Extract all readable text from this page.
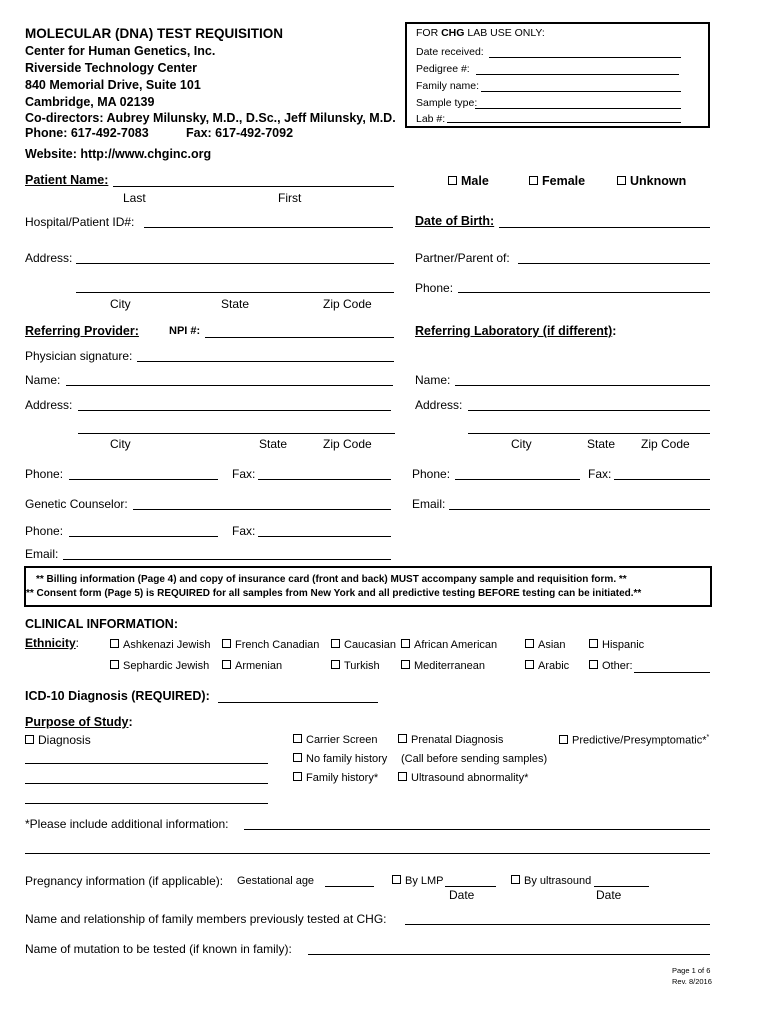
MOLECULAR (DNA) TEST REQUISITION
Center for Human Genetics, Inc.
Riverside Technology Center
840 Memorial Drive, Suite 101
Cambridge, MA 02139
Co-directors: Aubrey Milunsky, M.D., D.Sc., Jeff Milunsky, M.D.
Phone: 617-492-7083	Fax: 617-492-7092
Website: http://www.chginc.org
FOR CHG LAB USE ONLY:
Date received:
Pedigree #:
Family name:
Sample type:
Lab #:
Patient Name:
Last	First
Male	Female	Unknown
Hospital/Patient ID#:	Date of Birth:
Address:	Partner/Parent of:
Phone:
City	State	Zip Code
Referring Provider:	NPI #:	Referring Laboratory (if different):
Physician signature:
Name:	Name:
Address:	Address:
City	State	Zip Code	City	State Zip Code
Phone:	Fax:	Phone:	Fax:
Genetic Counselor:	Email:
Phone:	Fax:
Email:
** Billing information (Page 4) and copy of insurance card (front and back) MUST accompany sample and requisition form. **
** Consent form (Page 5) is REQUIRED for all samples from New York and all predictive testing BEFORE testing can be initiated.**
CLINICAL INFORMATION:
Ethnicity:	Ashkenazi Jewish	French Canadian	Caucasian	African American	Asian	Hispanic
Sephardic Jewish	Armenian	Turkish	Mediterranean	Arabic	Other:
ICD-10 Diagnosis (REQUIRED):
Purpose of Study:
Diagnosis	Carrier Screen	Prenatal Diagnosis	Predictive/Presymptomatic**
No family history (Call before sending samples)
Family history*	Ultrasound abnormality*
*Please include additional information:
Pregnancy information (if applicable): Gestational age	By LMP	By ultrasound
Date	Date
Name and relationship of family members previously tested at CHG:
Name of mutation to be tested (if known in family):
Page 1 of 6
Rev. 8/2016
